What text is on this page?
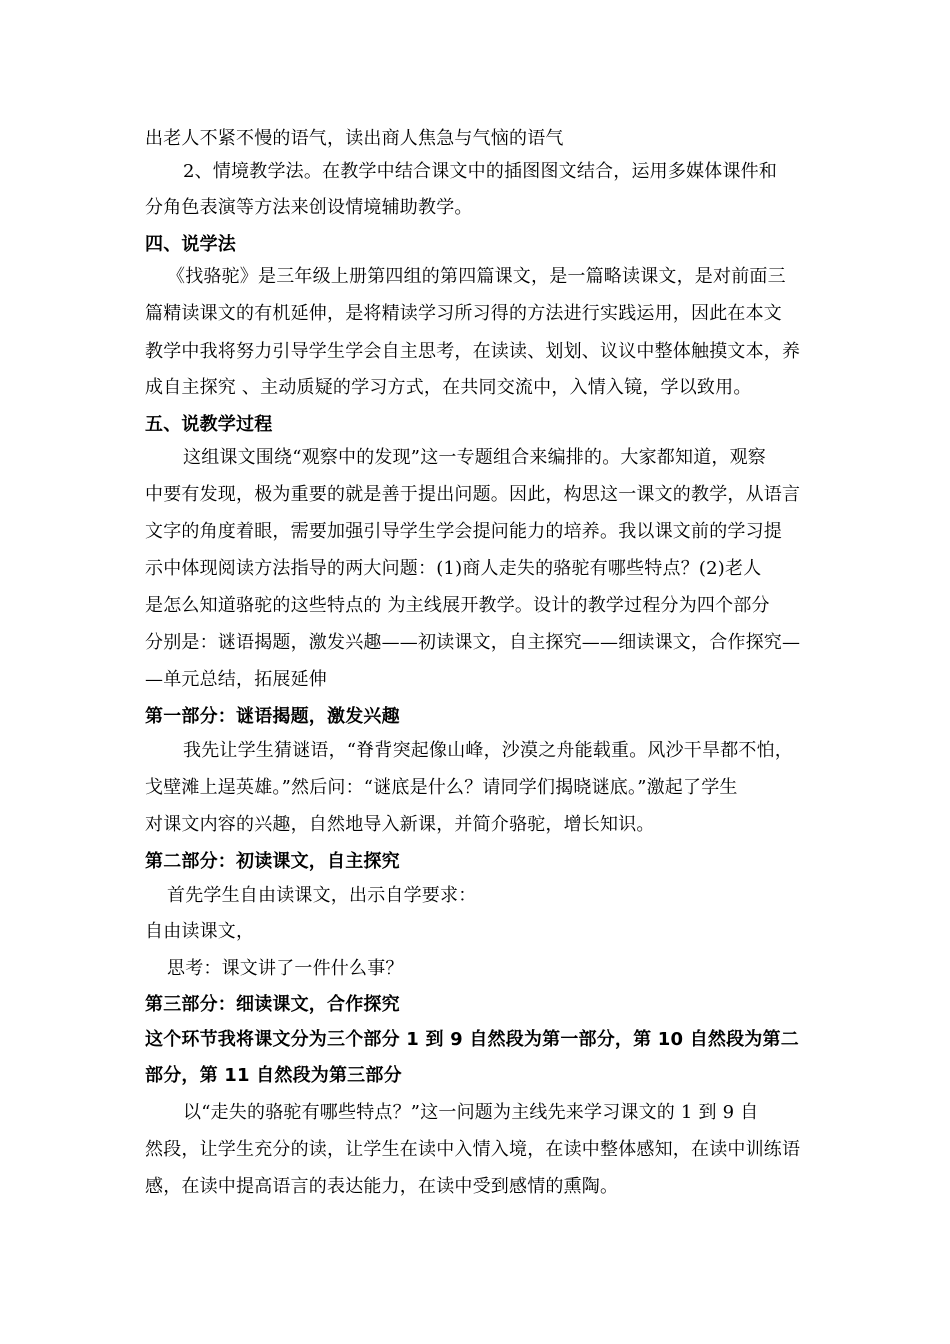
出老人不紧不慢的语气，读出商人焦急与气恼的语气
2、情境教学法。在教学中结合课文中的插图图文结合，运用多媒体课件和
分角色表演等方法来创设情境辅助教学。
四、说学法
《找骆驼》是三年级上册第四组的第四篇课文，是一篇略读课文，是对前面三
篇精读课文的有机延伸，是将精读学习所习得的方法进行实践运用，因此在本文
教学中我将努力引导学生学会自主思考，在读读、划划、议议中整体触摸文本，养
成自主探究 、主动质疑的学习方式，在共同交流中，入情入镜，学以致用。
五、说教学过程
这组课文围绕“观察中的发现”这一专题组合来编排的。大家都知道，观察
中要有发现，极为重要的就是善于提出问题。因此，构思这一课文的教学，从语言
文字的角度着眼，需要加强引导学生学会提问能力的培养。我以课文前的学习提
示中体现阅读方法指导的两大问题：(1)商人走失的骆驼有哪些特点？(2)老人
是怎么知道骆驼的这些特点的 为主线展开教学。设计的教学过程分为四个部分
分别是：谜语揭题，激发兴趣——初读课文，自主探究——细读课文，合作探究—
—单元总结，拓展延伸
第一部分：谜语揭题，激发兴趣
我先让学生猜谜语，“脊背突起像山峰，沙漠之舟能载重。风沙干旱都不怕，
戈壁滩上逞英雄。”然后问：“谜底是什么？请同学们揭晓谜底。”激起了学生
对课文内容的兴趣，自然地导入新课，并简介骆驼，增长知识。
第二部分：初读课文，自主探究
首先学生自由读课文，出示自学要求：
自由读课文，
思考：课文讲了一件什么事？
第三部分：细读课文，合作探究
这个环节我将课文分为三个部分 1 到 9 自然段为第一部分，第 10 自然段为第二
部分，第 11 自然段为第三部分
以“走失的骆驼有哪些特点？”这一问题为主线先来学习课文的 1 到 9 自
然段，让学生充分的读，让学生在读中入情入境，在读中整体感知，在读中训练语
感，在读中提高语言的表达能力，在读中受到感情的熏陶。
